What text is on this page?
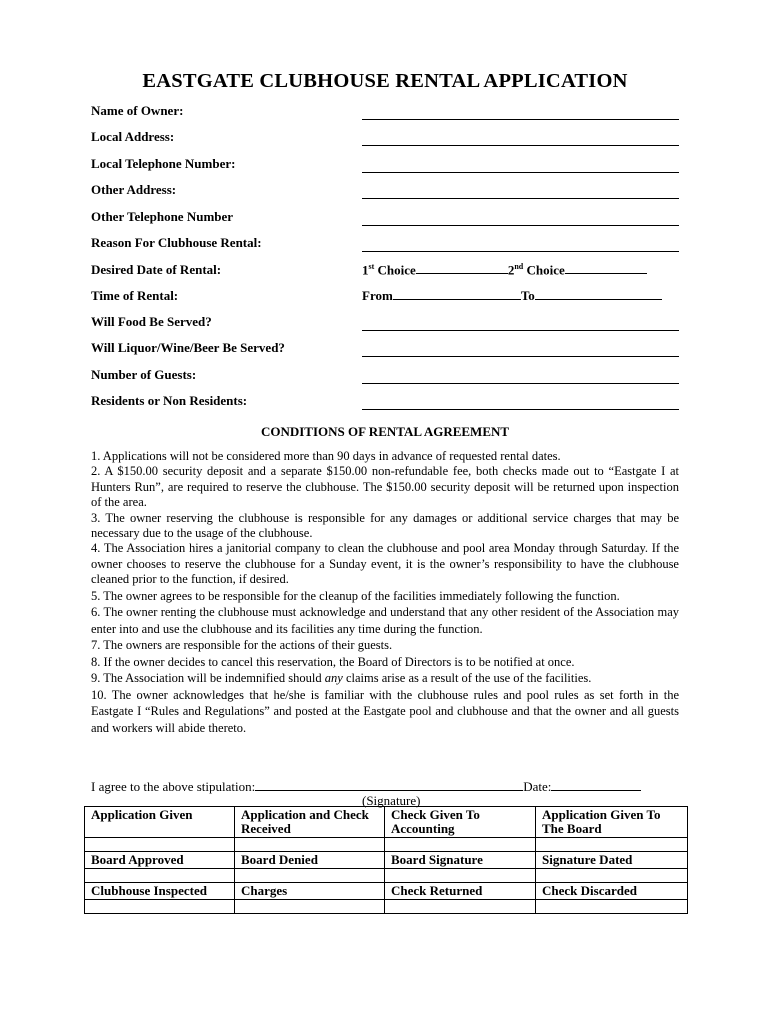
EASTGATE CLUBHOUSE RENTAL APPLICATION
Name of Owner:
Local Address:
Local Telephone Number:
Other Address:
Other Telephone Number
Reason For Clubhouse Rental:
Desired Date of Rental:	1st Choice	2nd Choice
Time of Rental:	From	To
Will Food Be Served?
Will Liquor/Wine/Beer Be Served?
Number of Guests:
Residents or Non Residents:
CONDITIONS OF RENTAL AGREEMENT

1. Applications will not be considered more than 90 days in advance of requested rental dates.

2. A $150.00 security deposit and a separate $150.00 non-refundable fee, both checks made out to “Eastgate I at Hunters Run”, are required to reserve the clubhouse. The $150.00 security deposit will be returned upon inspection of the area.

3. The owner reserving the clubhouse is responsible for any damages or additional service charges that may be necessary due to the usage of the clubhouse.

4. The Association hires a janitorial company to clean the clubhouse and pool area Monday through Saturday. If the owner chooses to reserve the clubhouse for a Sunday event, it is the owner’s responsibility to have the clubhouse cleaned prior to the function, if desired.

5. The owner agrees to be responsible for the cleanup of the facilities immediately following the function.

6. The owner renting the clubhouse must acknowledge and understand that any other resident of the Association may enter into and use the clubhouse and its facilities any time during the function.

7. The owners are responsible for the actions of their guests.

8. If the owner decides to cancel this reservation, the Board of Directors is to be notified at once.

9. The Association will be indemnified should any claims arise as a result of the use of the facilities.

10. The owner acknowledges that he/she is familiar with the clubhouse rules and pool rules as set forth in the Eastgate I “Rules and Regulations” and posted at the Eastgate pool and clubhouse and that the owner and all guests and workers will abide thereto.

I agree to the above stipulation:	Date:
(Signature)
Application Given	Application and Check Received	Check Given To Accounting	Application Given To The Board

Board Approved	Board Denied	Board Signature	Signature Dated

Clubhouse Inspected	Charges	Check Returned	Check Discarded
